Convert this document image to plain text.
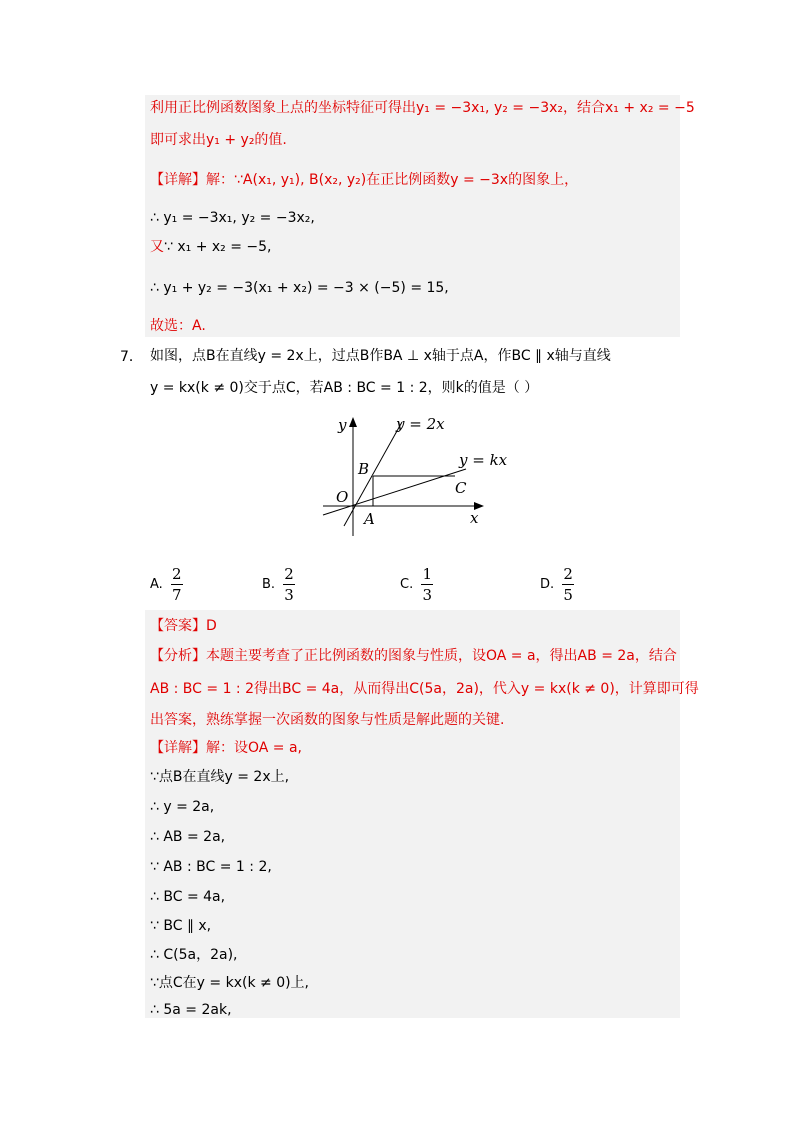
利用正比例函数图象上点的坐标特征可得出y₁ = −3x₁, y₂ = −3x₂，结合x₁ + x₂ = −5
即可求出y₁ + y₂的值.
【详解】解：∵A(x₁, y₁), B(x₂, y₂)在正比例函数y = −3x的图象上，
∴ y₁ = −3x₁, y₂ = −3x₂,
又∵ x₁ + x₂ = −5,
∴ y₁ + y₂ = −3(x₁ + x₂) = −3 × (−5) = 15,
故选：A.
7． 如图，点B在直线y = 2x上，过点B作BA ⊥ x轴于点A，作BC ∥ x轴与直线
y = kx(k ≠ 0)交于点C，若AB : BC = 1 : 2，则k的值是（ ）
y
x
y = 2x
y = kx
O
A
B
C
A. $\frac{2}{7}$	B. $\frac{2}{3}$	C. $\frac{1}{3}$	D. $\frac{2}{5}$
【答案】D
【分析】本题主要考查了正比例函数的图象与性质，设OA = a，得出AB = 2a，结合
AB : BC = 1 : 2得出BC = 4a，从而得出C(5a，2a)，代入y = kx(k ≠ 0)，计算即可得
出答案，熟练掌握一次函数的图象与性质是解此题的关键.
【详解】解：设OA = a,
∵点B在直线y = 2x上,
∴ y = 2a,
∴ AB = 2a,
∵ AB : BC = 1 : 2,
∴ BC = 4a,
∵ BC ∥ x,
∴ C(5a，2a),
∵点C在y = kx(k ≠ 0)上,
∴ 5a = 2ak,
